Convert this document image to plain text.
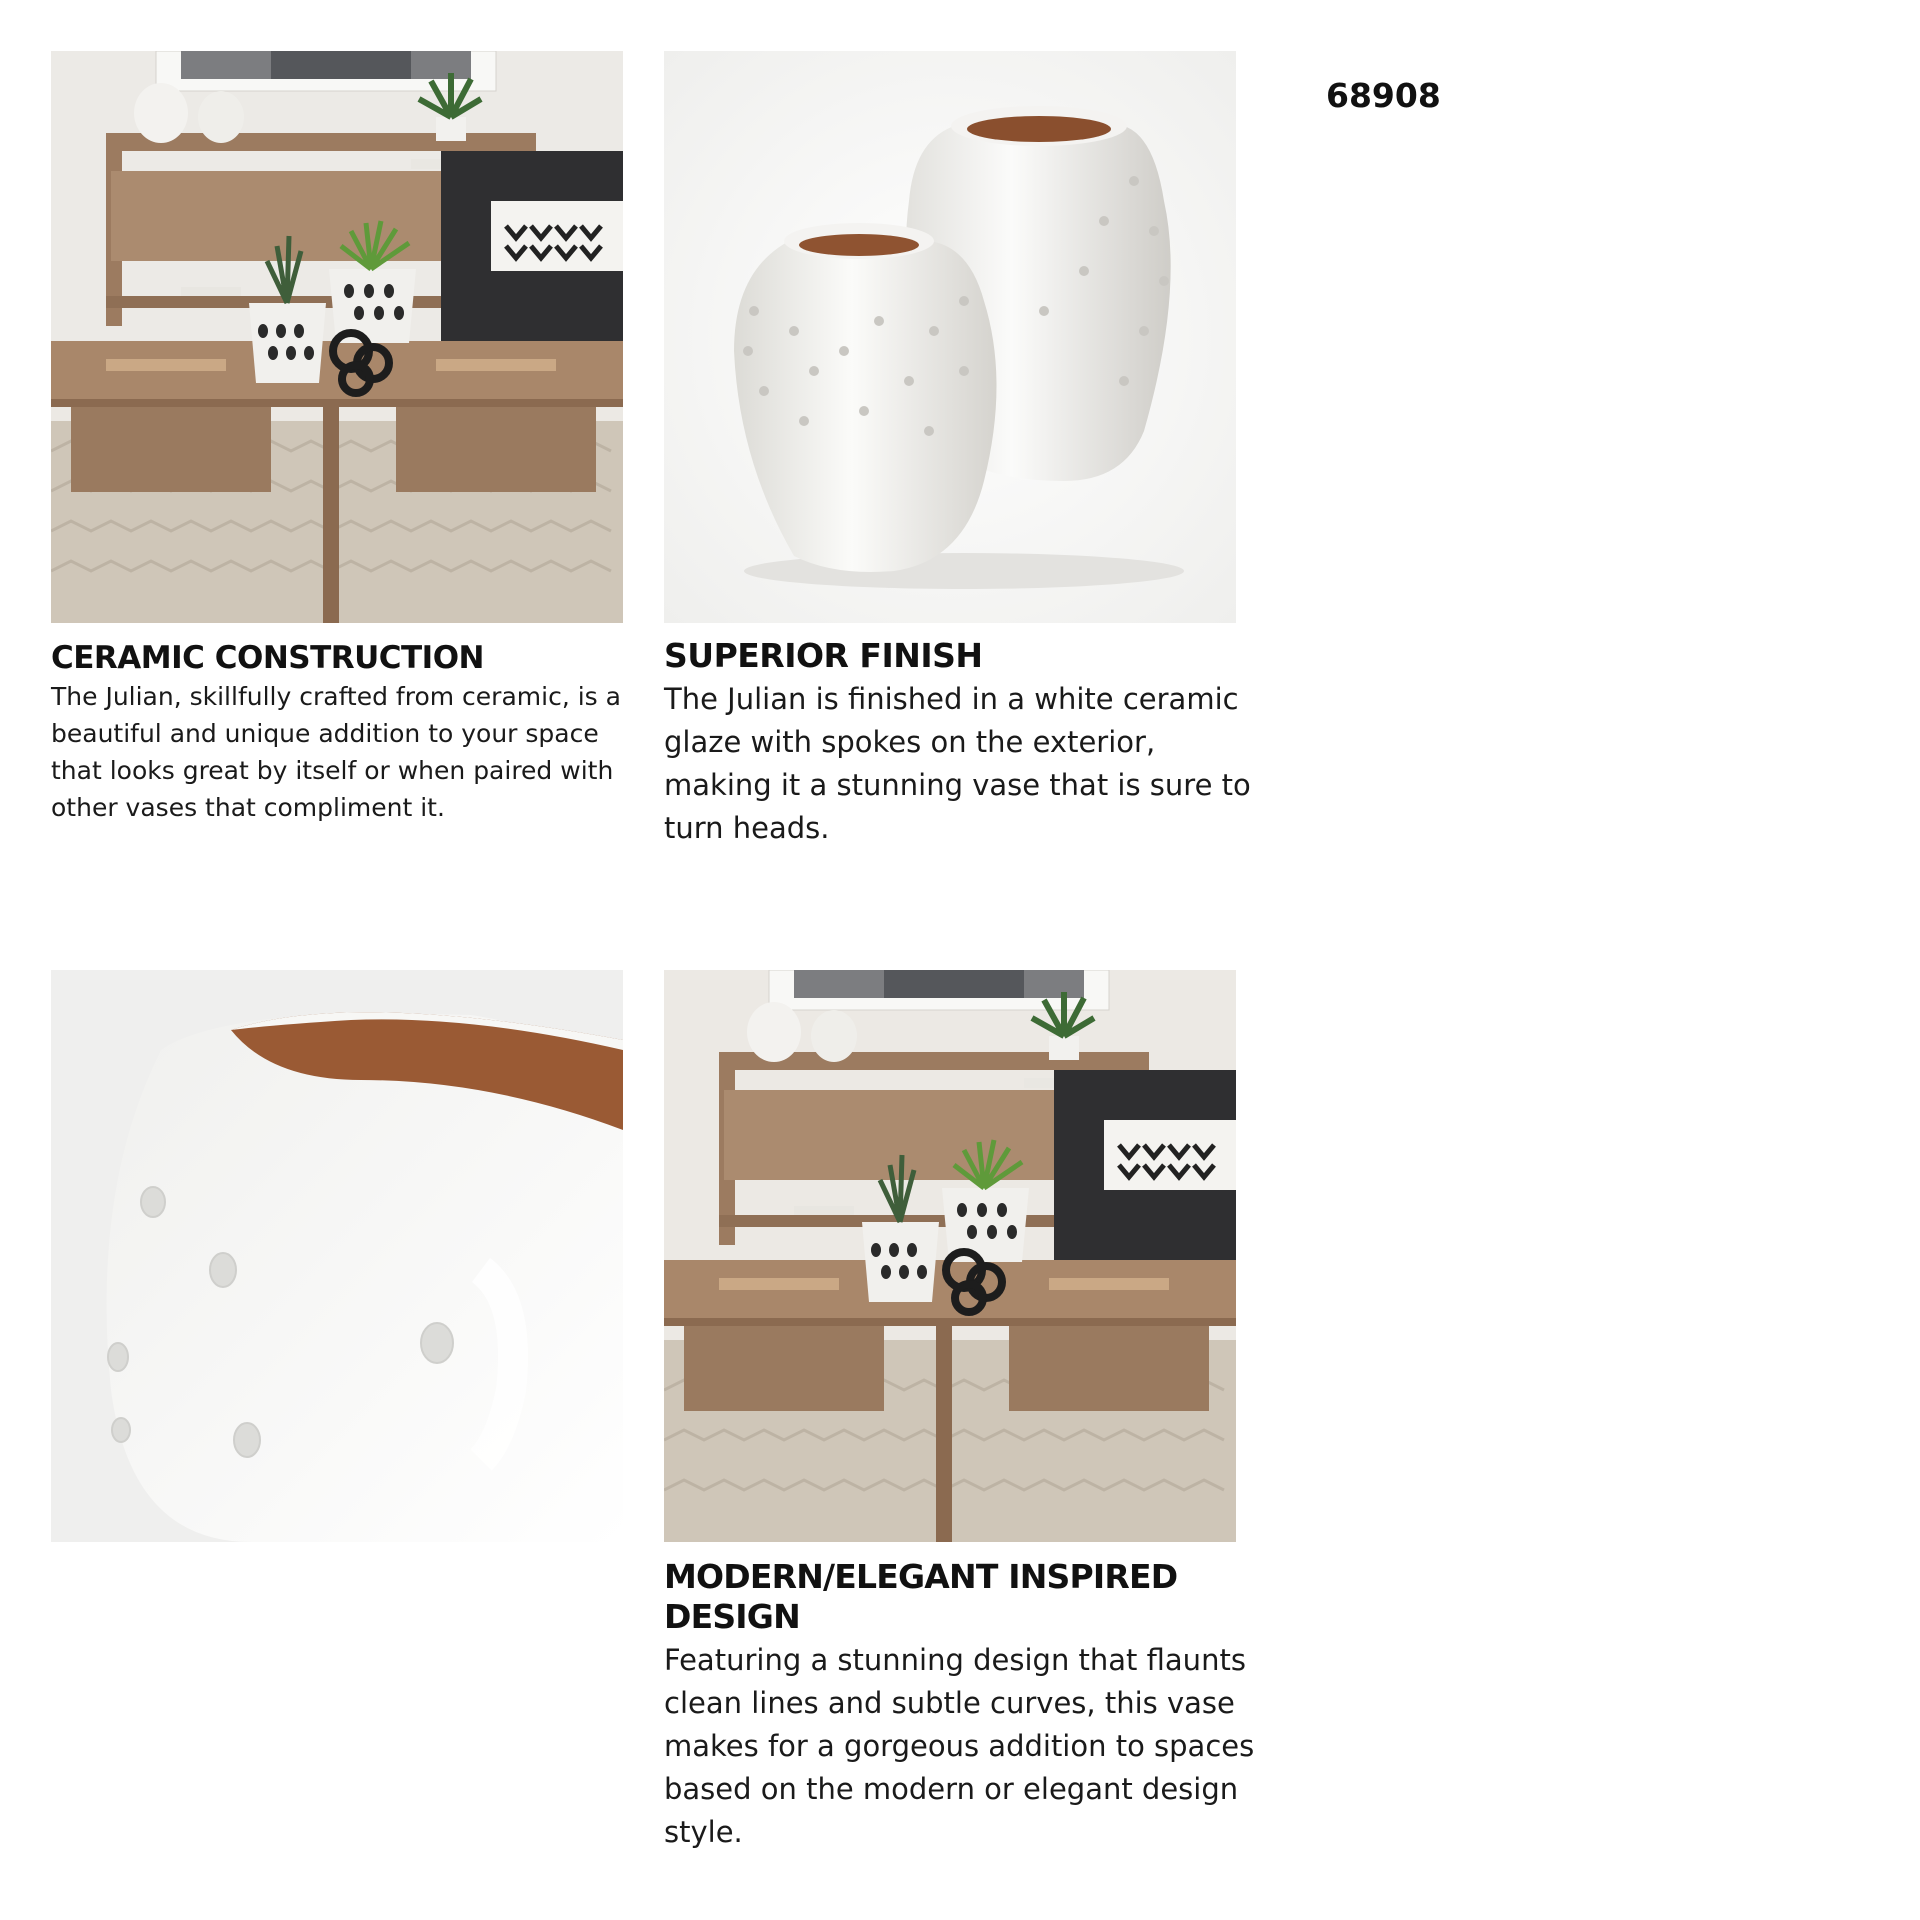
68908
CERAMIC CONSTRUCTION

The Julian, skillfully crafted from ceramic, is a beautiful and unique addition to your space that looks great by itself or when paired with other vases that compliment it.

SUPERIOR FINISH

The Julian is finished in a white ceramic glaze with spokes on the exterior, making it a stunning vase that is sure to turn heads.

MODERN/ELEGANT INSPIRED DESIGN

Featuring a stunning design that flaunts clean lines and subtle curves, this vase makes for a gorgeous addition to spaces based on the modern or elegant design style.
